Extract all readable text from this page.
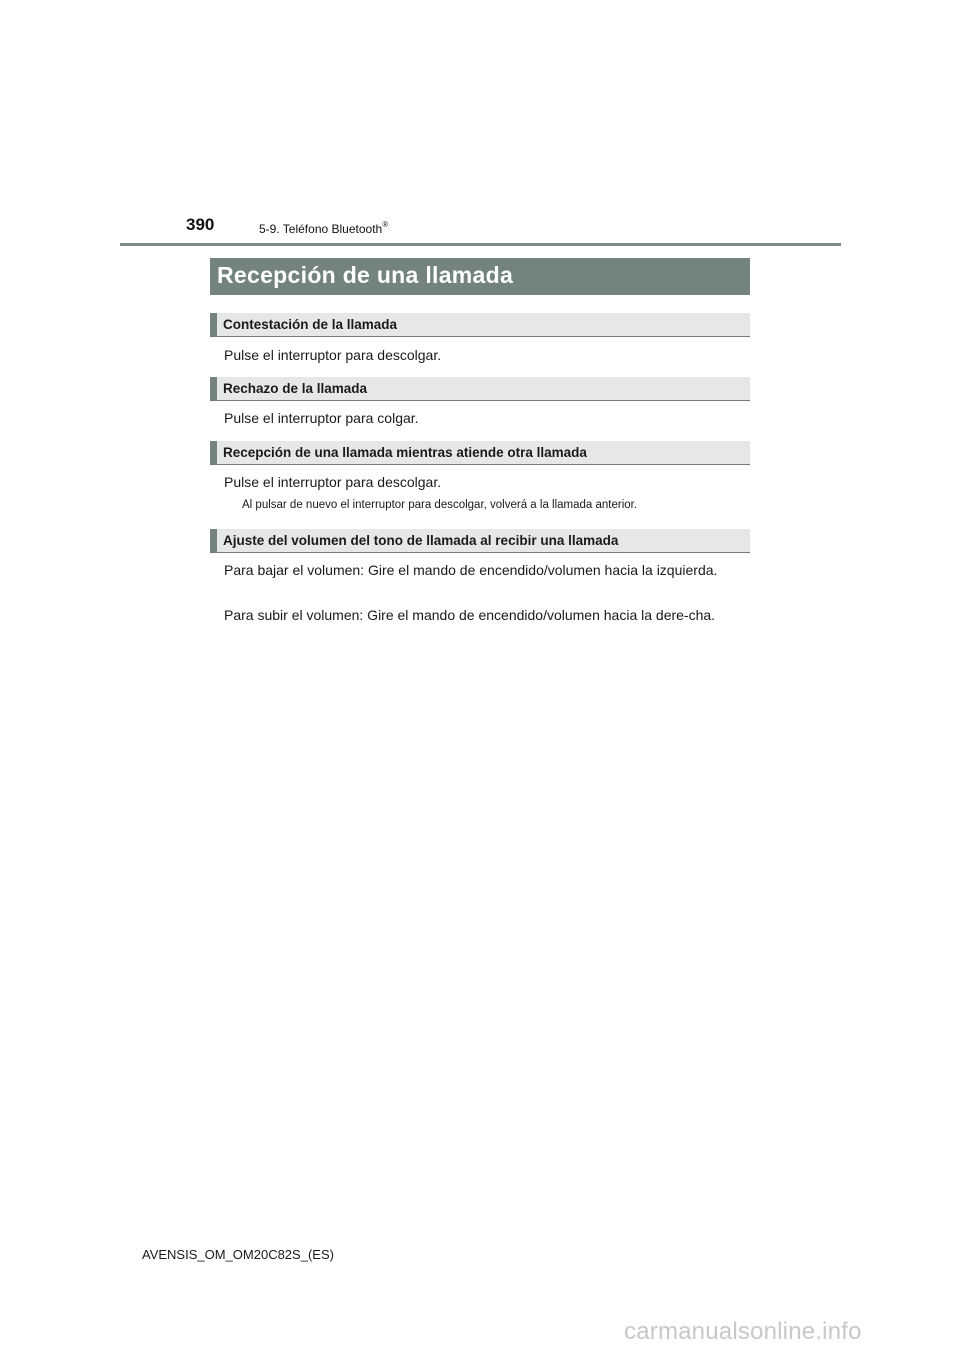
390	5-9. Teléfono Bluetooth®
Recepción de una llamada
Contestación de la llamada
Pulse el interruptor para descolgar.
Rechazo de la llamada
Pulse el interruptor para colgar.
Recepción de una llamada mientras atiende otra llamada
Pulse el interruptor para descolgar.
Al pulsar de nuevo el interruptor para descolgar, volverá a la llamada anterior.
Ajuste del volumen del tono de llamada al recibir una llamada
Para bajar el volumen: Gire el mando de encendido/volumen hacia la izquierda.
Para subir el volumen: Gire el mando de encendido/volumen hacia la dere-cha.
AVENSIS_OM_OM20C82S_(ES)
carmanualsonline.info
